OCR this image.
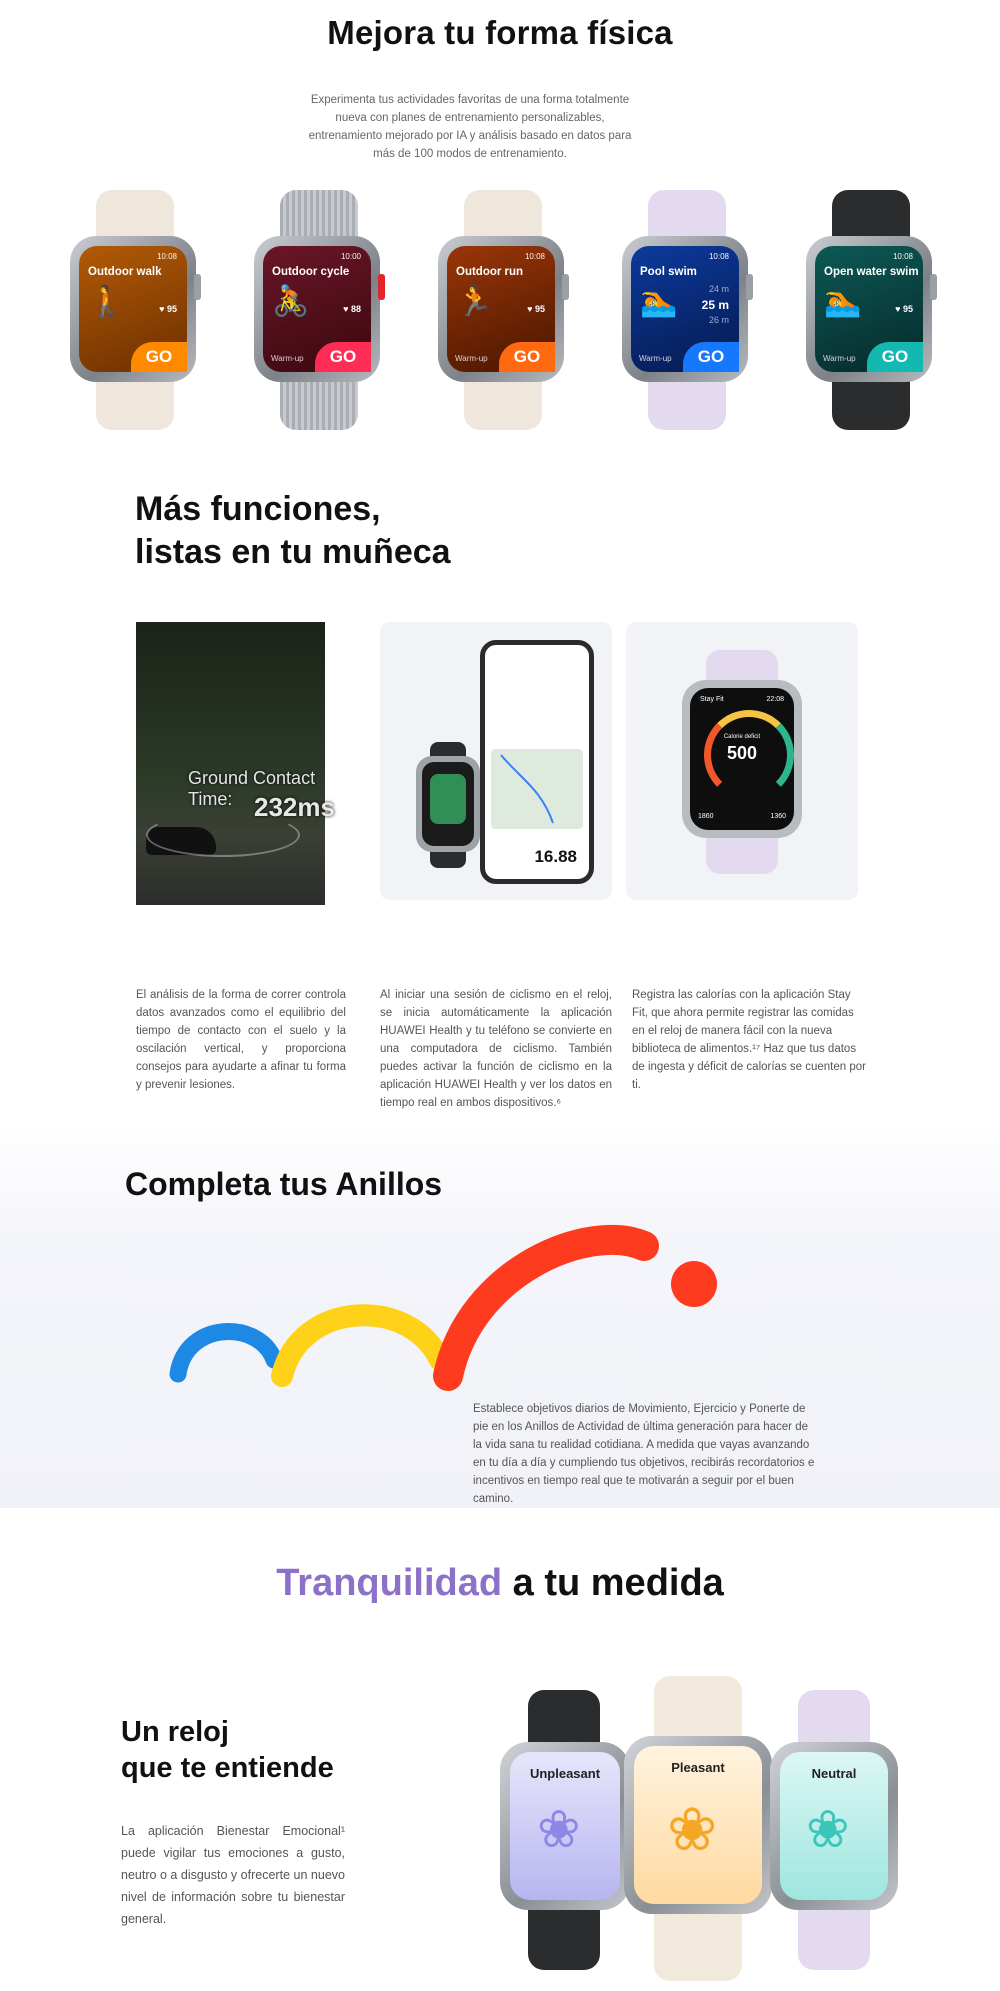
Mejora tu forma física

Experimenta tus actividades favoritas de una forma totalmente nueva con planes de entrenamiento personalizables, entrenamiento mejorado por IA y análisis basado en datos para más de 100 modos de entrenamiento.

10:08
Outdoor walk
🚶	♥ 95
GO
10:00
Outdoor cycle
🚴	♥ 88
Warm-up	GO
10:08
Outdoor run
🏃	♥ 95
Warm-up	GO
10:08
Pool swim
🏊	24 m
25 m
26 m
Warm-up	GO
10:08
Open water swim
🏊	♥ 95
Warm-up	GO
Más funciones,
listas en tu muñeca
Ground Contact Time: 232ms
16.88
Stay Fit	22:08
Calorie deficit
500
1860	1360

El análisis de la forma de correr controla datos avanzados como el equilibrio del tiempo de contacto con el suelo y la oscilación vertical, y proporciona consejos para ayudarte a afinar tu forma y prevenir lesiones.

Al iniciar una sesión de ciclismo en el reloj, se inicia automáticamente la aplicación HUAWEI Health y tu teléfono se convierte en una computadora de ciclismo. También puedes activar la función de ciclismo en la aplicación HUAWEI Health y ver los datos en tiempo real en ambos dispositivos.⁶

Registra las calorías con la aplicación Stay Fit, que ahora permite registrar las comidas en el reloj de manera fácil con la nueva biblioteca de alimentos.¹⁷ Haz que tus datos de ingesta y déficit de calorías se cuenten por ti.

Completa tus Anillos

Establece objetivos diarios de Movimiento, Ejercicio y Ponerte de pie en los Anillos de Actividad de última generación para hacer de la vida sana tu realidad cotidiana. A medida que vayas avanzando en tu día a día y cumpliendo tus objetivos, recibirás recordatorios e incentivos en tiempo real que te motivarán a seguir por el buen camino.

Tranquilidad a tu medida
Un reloj
que te entiende

La aplicación Bienestar Emocional¹ puede vigilar tus emociones a gusto, neutro o a disgusto y ofrecerte un nuevo nivel de información sobre tu bienestar general.

Unpleasant
❀
Pleasant
❀
Neutral
❀
